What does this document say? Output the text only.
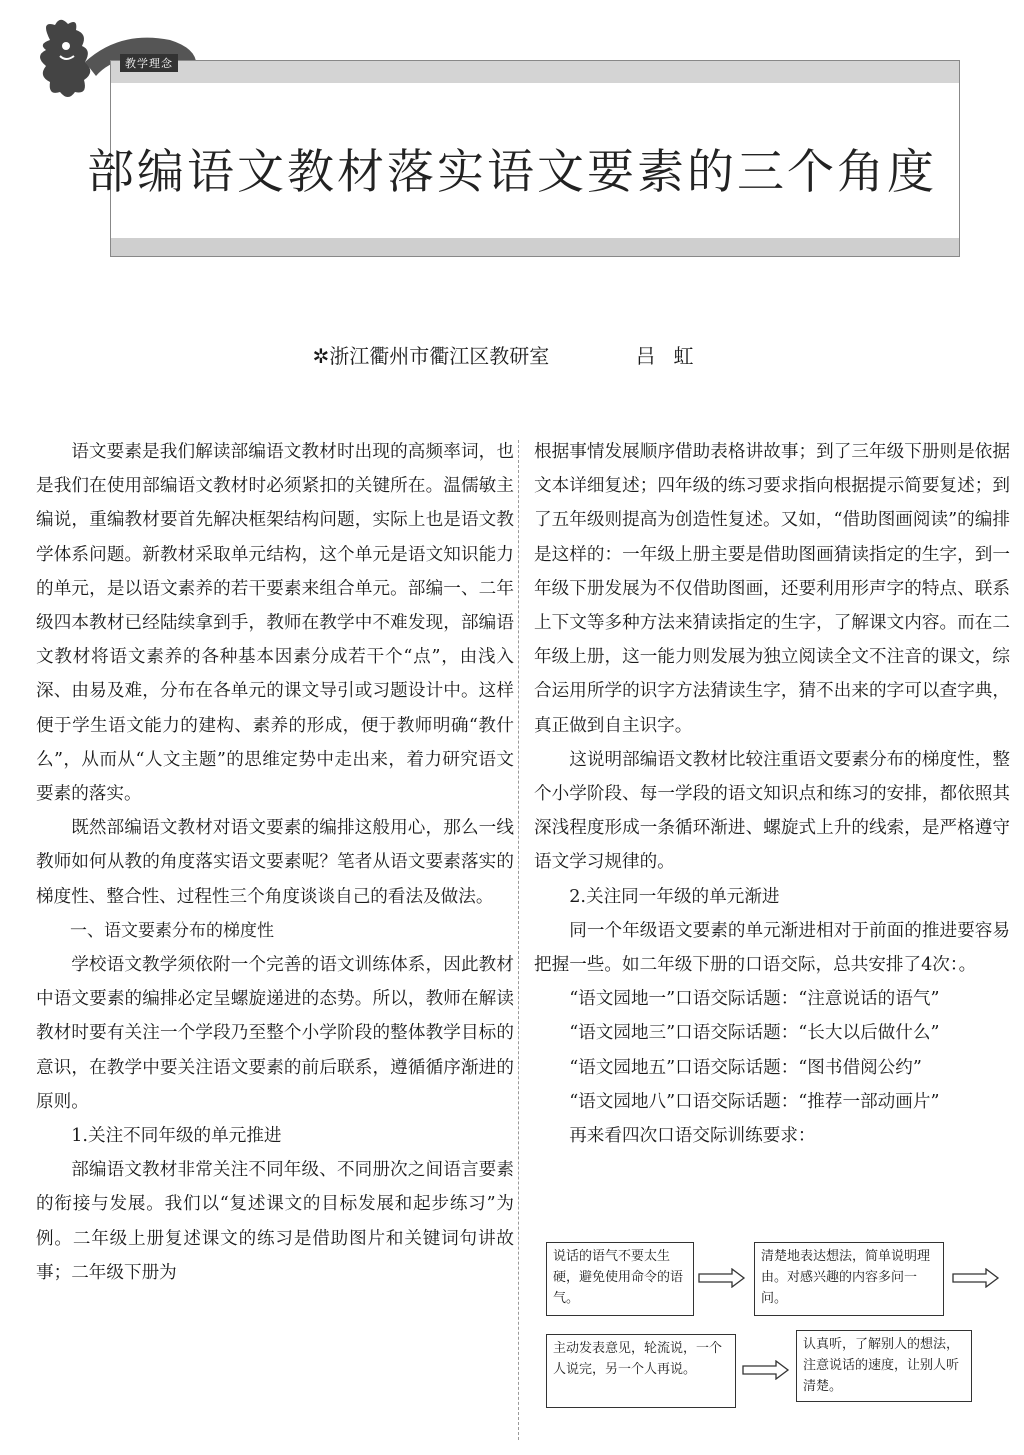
教学理念
部编语文教材落实语文要素的三个角度
✲浙江衢州市衢江区教研室	吕虹

语文要素是我们解读部编语文教材时出现的高频率词，也是我们在使用部编语文教材时必须紧扣的关键所在。温儒敏主编说，重编教材要首先解决框架结构问题，实际上也是语文教学体系问题。新教材采取单元结构，这个单元是语文知识能力的单元，是以语文素养的若干要素来组合单元。部编一、二年级四本教材已经陆续拿到手，教师在教学中不难发现，部编语文教材将语文素养的各种基本因素分成若干个“点”，由浅入深、由易及难，分布在各单元的课文导引或习题设计中。这样便于学生语文能力的建构、素养的形成，便于教师明确“教什么”，从而从“人文主题”的思维定势中走出来，着力研究语文要素的落实。

既然部编语文教材对语文要素的编排这般用心，那么一线教师如何从教的角度落实语文要素呢？笔者从语文要素落实的梯度性、整合性、过程性三个角度谈谈自己的看法及做法。

一、语文要素分布的梯度性

学校语文教学须依附一个完善的语文训练体系，因此教材中语文要素的编排必定呈螺旋递进的态势。所以，教师在解读教材时要有关注一个学段乃至整个小学阶段的整体教学目标的意识，在教学中要关注语文要素的前后联系，遵循循序渐进的原则。

1.关注不同年级的单元推进

部编语文教材非常关注不同年级、不同册次之间语言要素的衔接与发展。我们以“复述课文的目标发展和起步练习”为例。二年级上册复述课文的练习是借助图片和关键词句讲故事；二年级下册为

根据事情发展顺序借助表格讲故事；到了三年级下册则是依据文本详细复述；四年级的练习要求指向根据提示简要复述；到了五年级则提高为创造性复述。又如，“借助图画阅读”的编排是这样的：一年级上册主要是借助图画猜读指定的生字，到一年级下册发展为不仅借助图画，还要利用形声字的特点、联系上下文等多种方法来猜读指定的生字，了解课文内容。而在二年级上册，这一能力则发展为独立阅读全文不注音的课文，综合运用所学的识字方法猜读生字，猜不出来的字可以查字典，真正做到自主识字。

这说明部编语文教材比较注重语文要素分布的梯度性，整个小学阶段、每一学段的语文知识点和练习的安排，都依照其深浅程度形成一条循环渐进、螺旋式上升的线索，是严格遵守语文学习规律的。

2.关注同一年级的单元渐进

同一个年级语文要素的单元渐进相对于前面的推进要容易把握一些。如二年级下册的口语交际，总共安排了4次：。

“语文园地一”口语交际话题：“注意说话的语气”

“语文园地三”口语交际话题：“长大以后做什么”

“语文园地五”口语交际话题：“图书借阅公约”

“语文园地八”口语交际话题：“推荐一部动画片”

再来看四次口语交际训练要求：

说话的语气不要太生硬，避免使用命令的语气。
清楚地表达想法，简单说明理由。对感兴趣的内容多问一问。
主动发表意见，轮流说，一个人说完，另一个人再说。
认真听，了解别人的想法，注意说话的速度，让别人听清楚。
